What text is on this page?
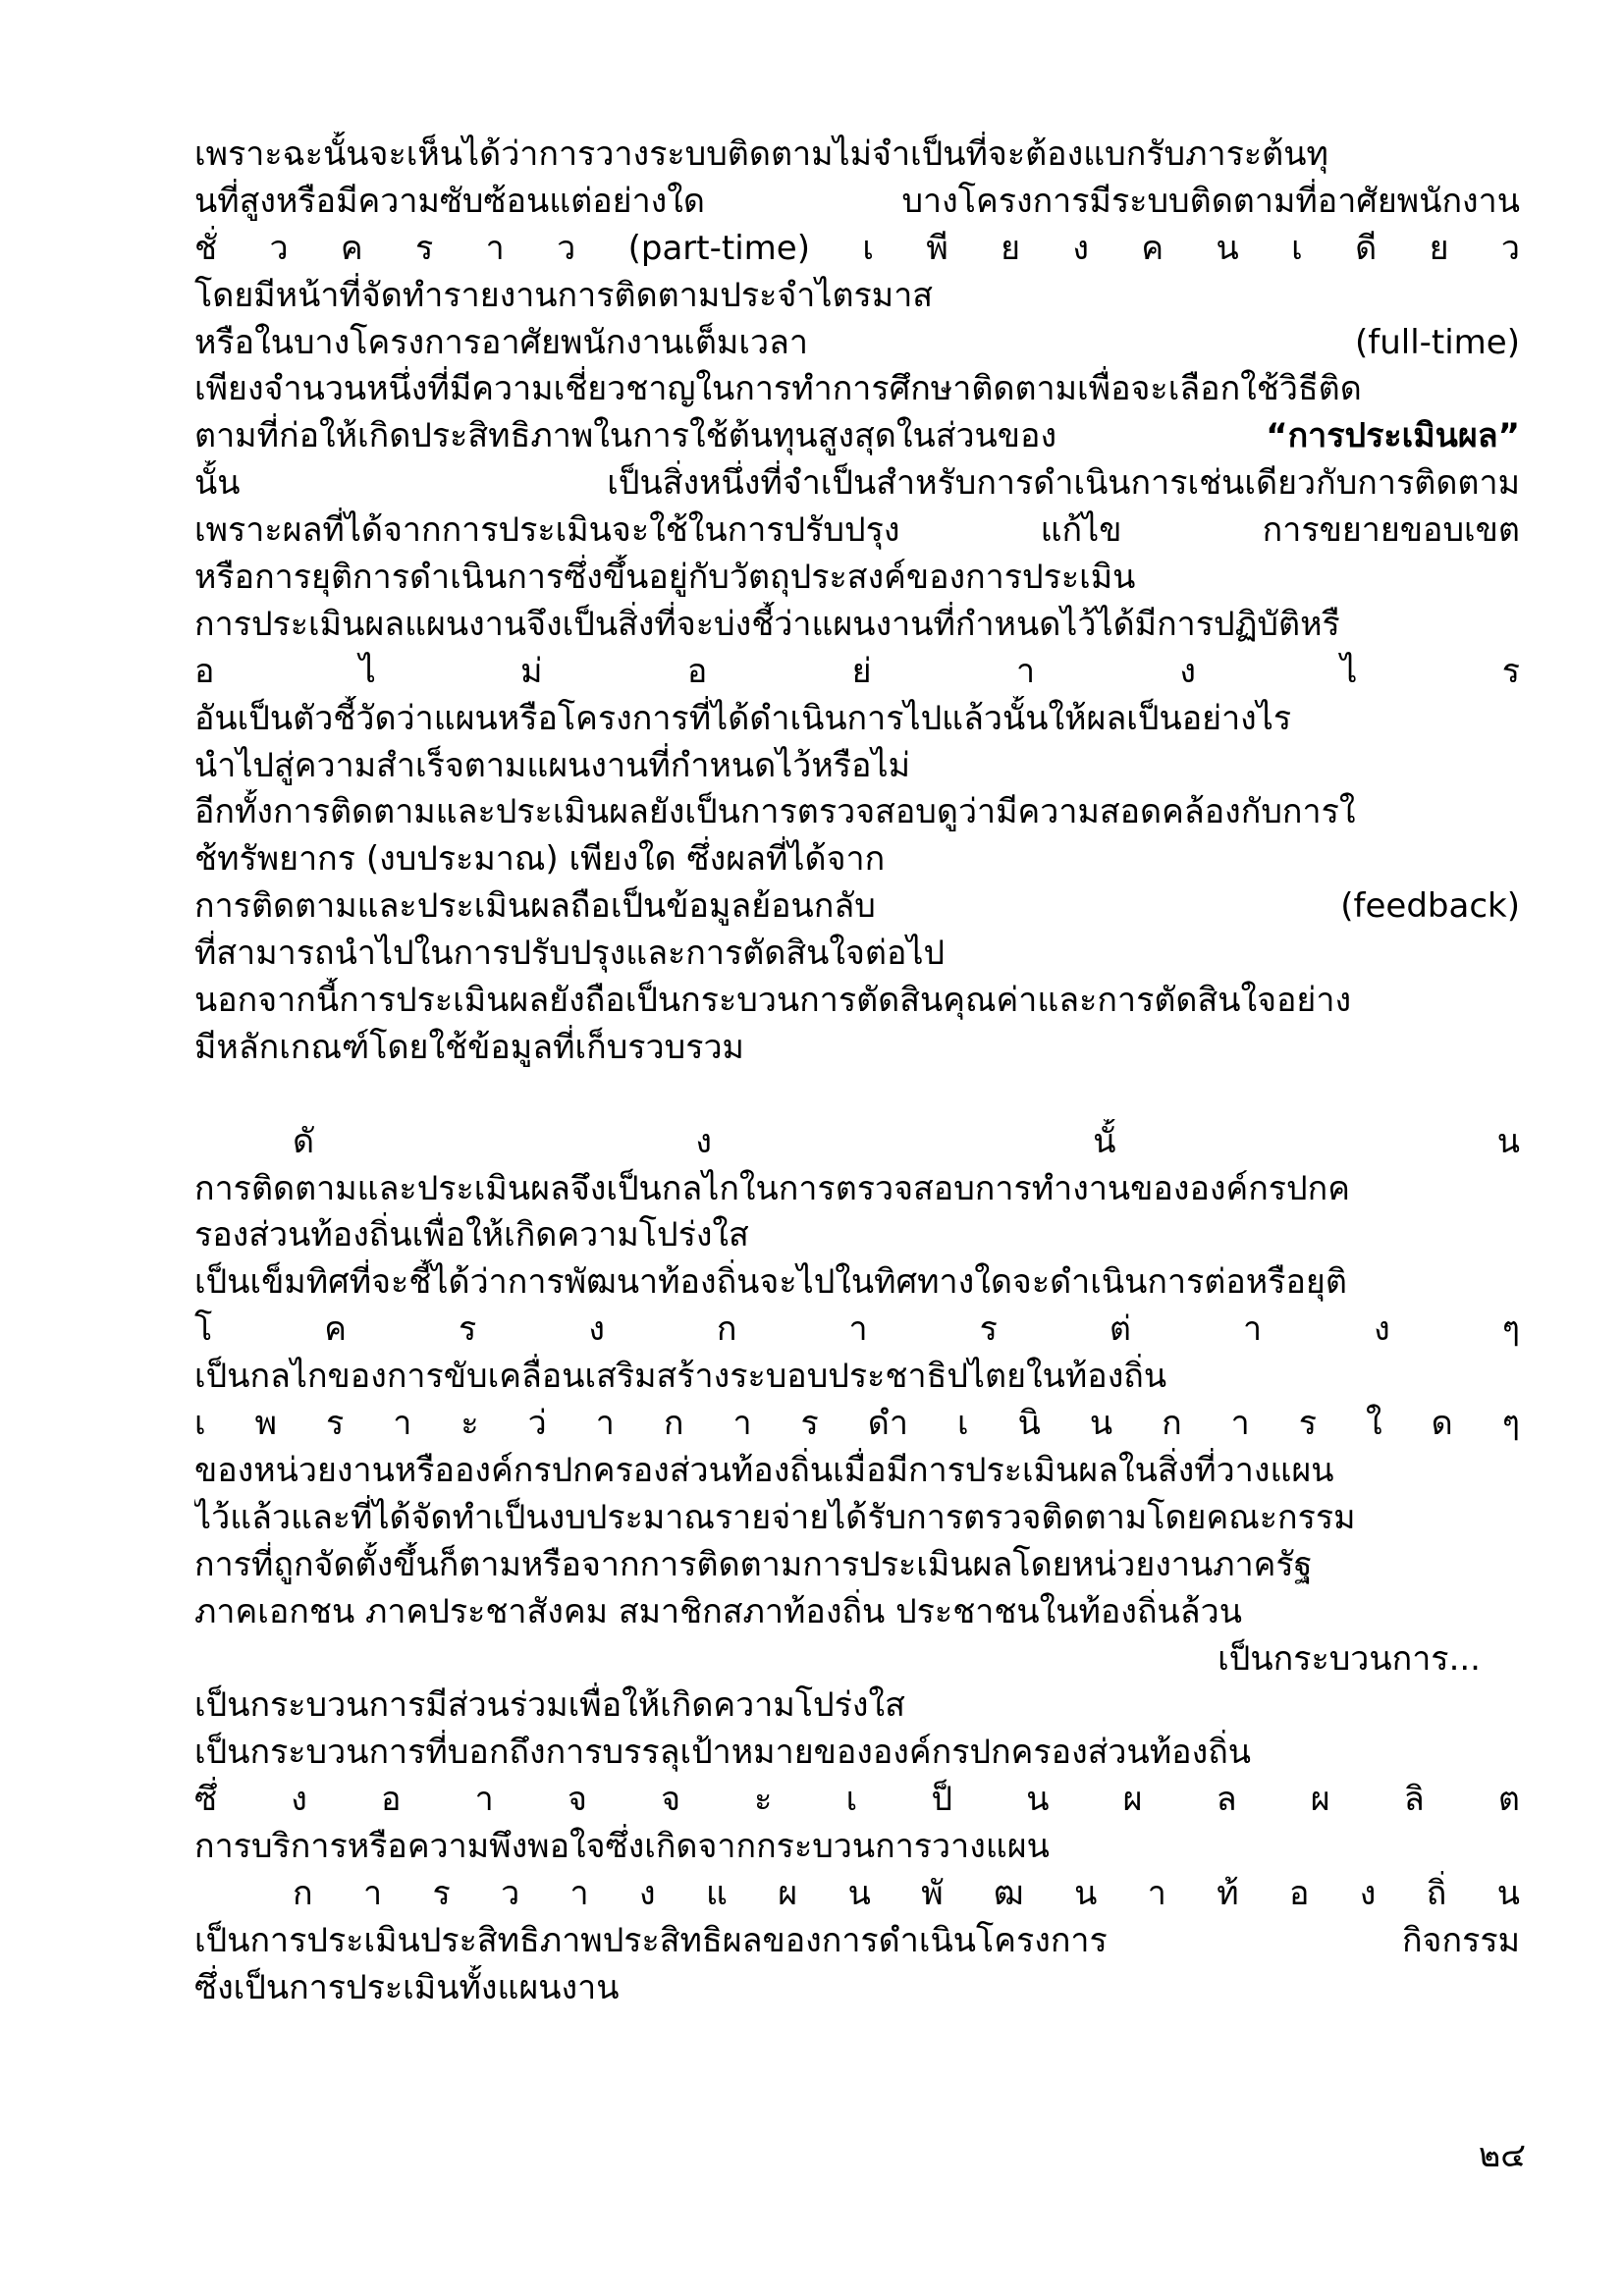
เพราะฉะนั้นจะเห็นได้ว่าการวางระบบติดตามไม่จำเป็นที่จะต้องแบกรับภาระต้นทุ
นที่สูงหรือมีความซับซ้อนแต่อย่างใด บางโครงการมีระบบติดตามที่อาศัยพนักงาน
ชั่ ว ค ร า ว (part-time) เ พี ย ง ค น เ ดี ย ว
โดยมีหน้าที่จัดทำรายงานการติดตามประจำไตรมาส
หรือในบางโครงการอาศัยพนักงานเต็มเวลา (full-time)
เพียงจำนวนหนึ่งที่มีความเชี่ยวชาญในการทำการศึกษาติดตามเพื่อจะเลือกใช้วิธีติด
ตามที่ก่อให้เกิดประสิทธิภาพในการใช้ต้นทุนสูงสุดในส่วนของ	“การประเมินผล”
นั้น เป็นสิ่งหนึ่งที่จำเป็นสำหรับการดำเนินการเช่นเดียวกับการติดตาม
เพราะผลที่ได้จากการประเมินจะใช้ในการปรับปรุง แก้ไข การขยายขอบเขต
หรือการยุติการดำเนินการซึ่งขึ้นอยู่กับวัตถุประสงค์ของการประเมิน
การประเมินผลแผนงานจึงเป็นสิ่งที่จะบ่งชี้ว่าแผนงานที่กำหนดไว้ได้มีการปฏิบัติหรื
อ ไ ม่ อ ย่ า ง ไ ร
อันเป็นตัวชี้วัดว่าแผนหรือโครงการที่ได้ดำเนินการไปแล้วนั้นให้ผลเป็นอย่างไร
นำไปสู่ความสำเร็จตามแผนงานที่กำหนดไว้หรือไม่
อีกทั้งการติดตามและประเมินผลยังเป็นการตรวจสอบดูว่ามีความสอดคล้องกับการใ
ช้ทรัพยากร (งบประมาณ) เพียงใด ซึ่งผลที่ได้จาก
การติดตามและประเมินผลถือเป็นข้อมูลย้อนกลับ (feedback)
ที่สามารถนำไปในการปรับปรุงและการตัดสินใจต่อไป
นอกจากนี้การประเมินผลยังถือเป็นกระบวนการตัดสินคุณค่าและการตัดสินใจอย่าง
มีหลักเกณฑ์โดยใช้ข้อมูลที่เก็บรวบรวม
ดั ง นั้ น
การติดตามและประเมินผลจึงเป็นกลไกในการตรวจสอบการทำงานขององค์กรปกค
รองส่วนท้องถิ่นเพื่อให้เกิดความโปร่งใส
เป็นเข็มทิศที่จะชี้ได้ว่าการพัฒนาท้องถิ่นจะไปในทิศทางใดจะดำเนินการต่อหรือยุติ
โ ค ร ง ก า ร ต่ า ง ๆ
เป็นกลไกของการขับเคลื่อนเสริมสร้างระบอบประชาธิปไตยในท้องถิ่น
เ พ ร า ะ ว่ า ก า ร ดำ เ นิ น ก า ร ใ ด ๆ
ของหน่วยงานหรือองค์กรปกครองส่วนท้องถิ่นเมื่อมีการประเมินผลในสิ่งที่วางแผน
ไว้แล้วและที่ได้จัดทำเป็นงบประมาณรายจ่ายได้รับการตรวจติดตามโดยคณะกรรม
การที่ถูกจัดตั้งขึ้นก็ตามหรือจากการติดตามการประเมินผลโดยหน่วยงานภาครัฐ
ภาคเอกชน ภาคประชาสังคม สมาชิกสภาท้องถิ่น ประชาชนในท้องถิ่นล้วน
เป็นกระบวนการ...
เป็นกระบวนการมีส่วนร่วมเพื่อให้เกิดความโปร่งใส
เป็นกระบวนการที่บอกถึงการบรรลุเป้าหมายขององค์กรปกครองส่วนท้องถิ่น
ซึ่ ง อ า จ จ ะ เ ป็ น ผ ล ผ ลิ ต
การบริการหรือความพึงพอใจซึ่งเกิดจากกระบวนการวางแผน
ก า ร ว า ง แ ผ น พั ฒ น า ท้ อ ง ถิ่ น
เป็นการประเมินประสิทธิภาพประสิทธิผลของการดำเนินโครงการ กิจกรรม
ซึ่งเป็นการประเมินทั้งแผนงาน
๒๔
